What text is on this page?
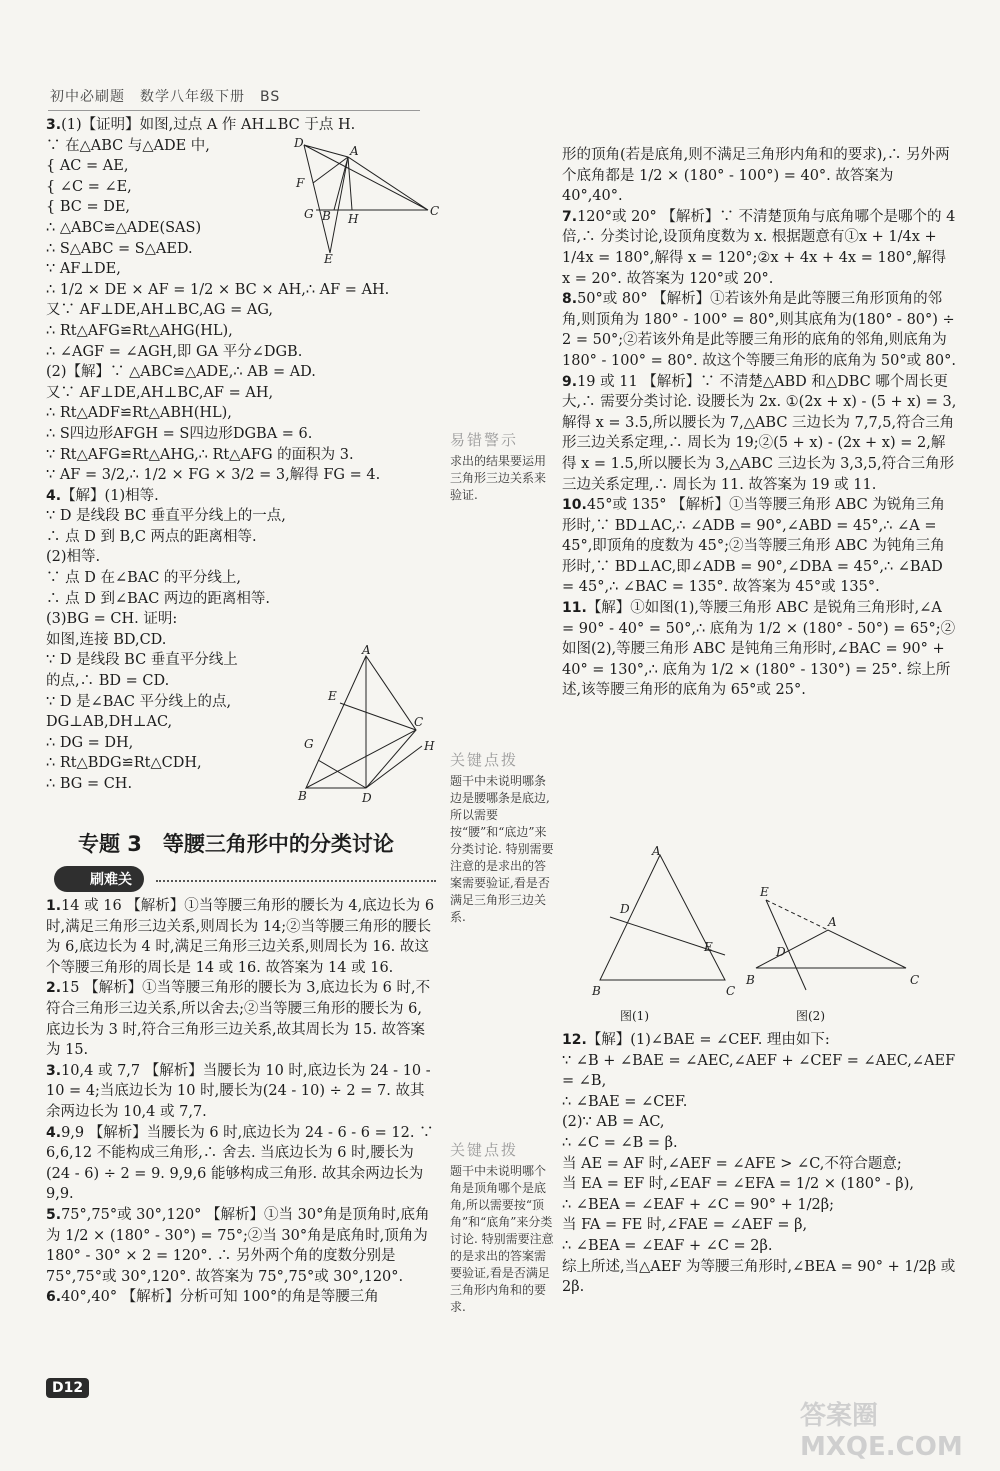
初中必刷题　数学八年级下册　BS

3.(1)【证明】如图,过点 A 作 AH⊥BC 于点 H.

∵ 在△ABC 与△ADE 中,

{ AC = AE,

{ ∠C = ∠E,

{ BC = DE,

∴ △ABC≌△ADE(SAS)

∴ S△ABC = S△AED.

∵ AF⊥DE,

∴ 1/2 × DE × AF = 1/2 × BC × AH,∴ AF = AH.

又∵ AF⊥DE,AH⊥BC,AG = AG,

∴ Rt△AFG≌Rt△AHG(HL),

∴ ∠AGF = ∠AGH,即 GA 平分∠DGB.

(2)【解】∵ △ABC≌△ADE,∴ AB = AD.

又∵ AF⊥DE,AH⊥BC,AF = AH,

∴ Rt△ADF≌Rt△ABH(HL),

∴ S四边形AFGH = S四边形DGBA = 6.

∵ Rt△AFG≌Rt△AHG,∴ Rt△AFG 的面积为 3.

∵ AF = 3/2,∴ 1/2 × FG × 3/2 = 3,解得 FG = 4.

4.【解】(1)相等.

∵ D 是线段 BC 垂直平分线上的一点,

∴ 点 D 到 B,C 两点的距离相等.

(2)相等.

∵ 点 D 在∠BAC 的平分线上,

∴ 点 D 到∠BAC 两边的距离相等.

(3)BG = CH. 证明:

如图,连接 BD,CD.

∵ D 是线段 BC 垂直平分线上

的点,∴ BD = CD.

∵ D 是∠BAC 平分线上的点,

DG⊥AB,DH⊥AC,

∴ DG = DH,

∴ Rt△BDG≌Rt△CDH,

∴ BG = CH.

专题 3　等腰三角形中的分类讨论
刷难关

1.14 或 16 【解析】①当等腰三角形的腰长为 4,底边长为 6 时,满足三角形三边关系,则周长为 14;②当等腰三角形的腰长为 6,底边长为 4 时,满足三角形三边关系,则周长为 16. 故这个等腰三角形的周长是 14 或 16. 故答案为 14 或 16.

2.15 【解析】①当等腰三角形的腰长为 3,底边长为 6 时,不符合三角形三边关系,所以舍去;②当等腰三角形的腰长为 6,底边长为 3 时,符合三角形三边关系,故其周长为 15. 故答案为 15.

3.10,4 或 7,7 【解析】当腰长为 10 时,底边长为 24 - 10 - 10 = 4;当底边长为 10 时,腰长为(24 - 10) ÷ 2 = 7. 故其余两边长为 10,4 或 7,7.

4.9,9 【解析】当腰长为 6 时,底边长为 24 - 6 - 6 = 12. ∵ 6,6,12 不能构成三角形,∴ 舍去. 当底边长为 6 时,腰长为(24 - 6) ÷ 2 = 9. 9,9,6 能够构成三角形. 故其余两边长为 9,9.

5.75°,75°或 30°,120° 【解析】①当 30°角是顶角时,底角为 1/2 × (180° - 30°) = 75°;②当 30°角是底角时,顶角为 180° - 30° × 2 = 120°. ∴ 另外两个角的度数分别是 75°,75°或 30°,120°. 故答案为 75°,75°或 30°,120°.

6.40°,40° 【解析】分析可知 100°的角是等腰三角

形的顶角(若是底角,则不满足三角形内角和的要求),∴ 另外两个底角都是 1/2 × (180° - 100°) = 40°. 故答案为 40°,40°.

7.120°或 20° 【解析】∵ 不清楚顶角与底角哪个是哪个的 4 倍,∴ 分类讨论,设顶角度数为 x. 根据题意有①x + 1/4x + 1/4x = 180°,解得 x = 120°;②x + 4x + 4x = 180°,解得 x = 20°. 故答案为 120°或 20°.

8.50°或 80° 【解析】①若该外角是此等腰三角形顶角的邻角,则顶角为 180° - 100° = 80°,则其底角为(180° - 80°) ÷ 2 = 50°;②若该外角是此等腰三角形的底角的邻角,则底角为 180° - 100° = 80°. 故这个等腰三角形的底角为 50°或 80°.

9.19 或 11 【解析】∵ 不清楚△ABD 和△DBC 哪个周长更大,∴ 需要分类讨论. 设腰长为 2x. ①(2x + x) - (5 + x) = 3,解得 x = 3.5,所以腰长为 7,△ABC 三边长为 7,7,5,符合三角形三边关系定理,∴ 周长为 19;②(5 + x) - (2x + x) = 2,解得 x = 1.5,所以腰长为 3,△ABC 三边长为 3,3,5,符合三角形三边关系定理,∴ 周长为 11. 故答案为 19 或 11.

10.45°或 135° 【解析】①当等腰三角形 ABC 为锐角三角形时,∵ BD⊥AC,∴ ∠ADB = 90°,∠ABD = 45°,∴ ∠A = 45°,即顶角的度数为 45°;②当等腰三角形 ABC 为钝角三角形时,∵ BD⊥AC,即∠ADB = 90°,∠DBA = 45°,∴ ∠BAD = 45°,∴ ∠BAC = 135°. 故答案为 45°或 135°.

11.【解】①如图(1),等腰三角形 ABC 是锐角三角形时,∠A = 90° - 40° = 50°,∴ 底角为 1/2 × (180° - 50°) = 65°;②如图(2),等腰三角形 ABC 是钝角三角形时,∠BAC = 90° + 40° = 130°,∴ 底角为 1/2 × (180° - 130°) = 25°. 综上所述,该等腰三角形的底角为 65°或 25°.

12.【解】(1)∠BAE = ∠CEF. 理由如下:

∵ ∠B + ∠BAE = ∠AEC,∠AEF + ∠CEF = ∠AEC,∠AEF = ∠B,

∴ ∠BAE = ∠CEF.

(2)∵ AB = AC,

∴ ∠C = ∠B = β.

当 AE = AF 时,∠AEF = ∠AFE > ∠C,不符合题意;

当 EA = EF 时,∠EAF = ∠EFA = 1/2 × (180° - β),

∴ ∠BEA = ∠EAF + ∠C = 90° + 1/2β;

当 FA = FE 时,∠FAE = ∠AEF = β,

∴ ∠BEA = ∠EAF + ∠C = 2β.

综上所述,当△AEF 为等腰三角形时,∠BEA = 90° + 1/2β 或 2β.

易错警示
求出的结果要运用三角形三边关系来验证.
关键点拨
题干中未说明哪条边是腰哪条是底边,所以需要按“腰”和“底边”来分类讨论. 特别需要注意的是求出的答案需要验证,看是否满足三角形三边关系.
关键点拨
题干中未说明哪个角是顶角哪个是底角,所以需要按“顶角”和“底角”来分类讨论. 特别需要注意的是求出的答案需要验证,看是否满足三角形内角和的要求.
D
A
F
G B H
C
E
A
E
C
G	H
B	D
A
D
E
B	C
图(1)
E
A
D
B	C
图(2)
D12
答案圈 MXQE.COM
